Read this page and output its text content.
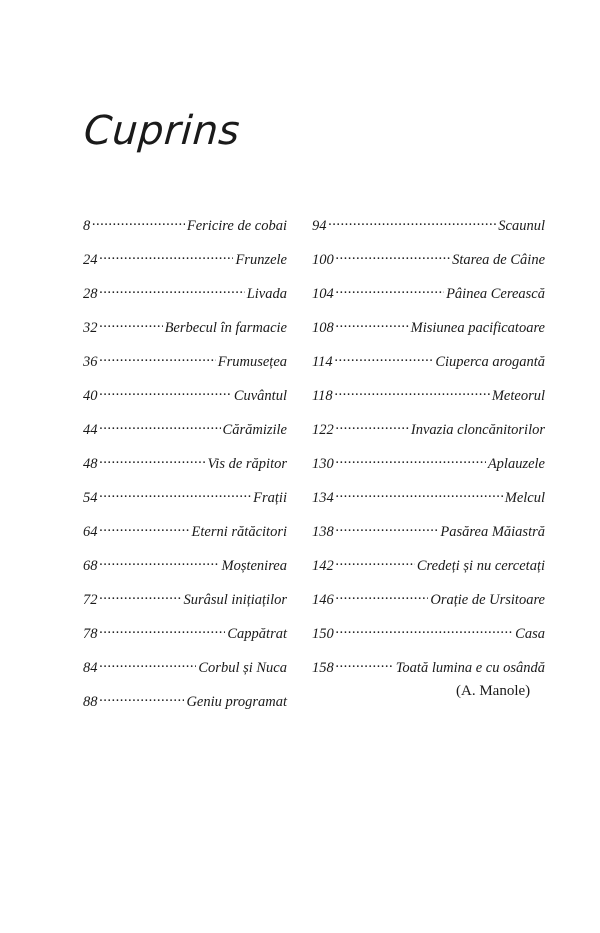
Cuprins
8 .....	Fericire de cobai
24 .....	Frunzele
28 .....	Livada
32 .....	Berbecul în farmacie
36 .....	Frumusețea
40 .....	Cuvântul
44 .....	Cărămizile
48 .....	Vis de răpitor
54 .....	Frații
64 .....	Eterni rătăcitori
68 .....	Moștenirea
72 .....	Surâsul inițiaților
78 .....	Cappătrat
84 .....	Corbul și Nuca
88 .....	Geniu programat
94 .....	Scaunul
100 .....	Starea de Câine
104 .....	Pâinea Cerească
108 .....	Misiunea pacificatoare
114 .....	Ciuperca arogantă
118 .....	Meteorul
122 .....	Invazia cloncănitorilor
130 .....	Aplauzele
134 .....	Melcul
138 .....	Pasărea Măiastră
142 .....	Credeți și nu cercetați
146 .....	Orație de Ursitoare
150 .....	Casa
158 .....	Toată lumina e cu osândă
(A. Manole)
